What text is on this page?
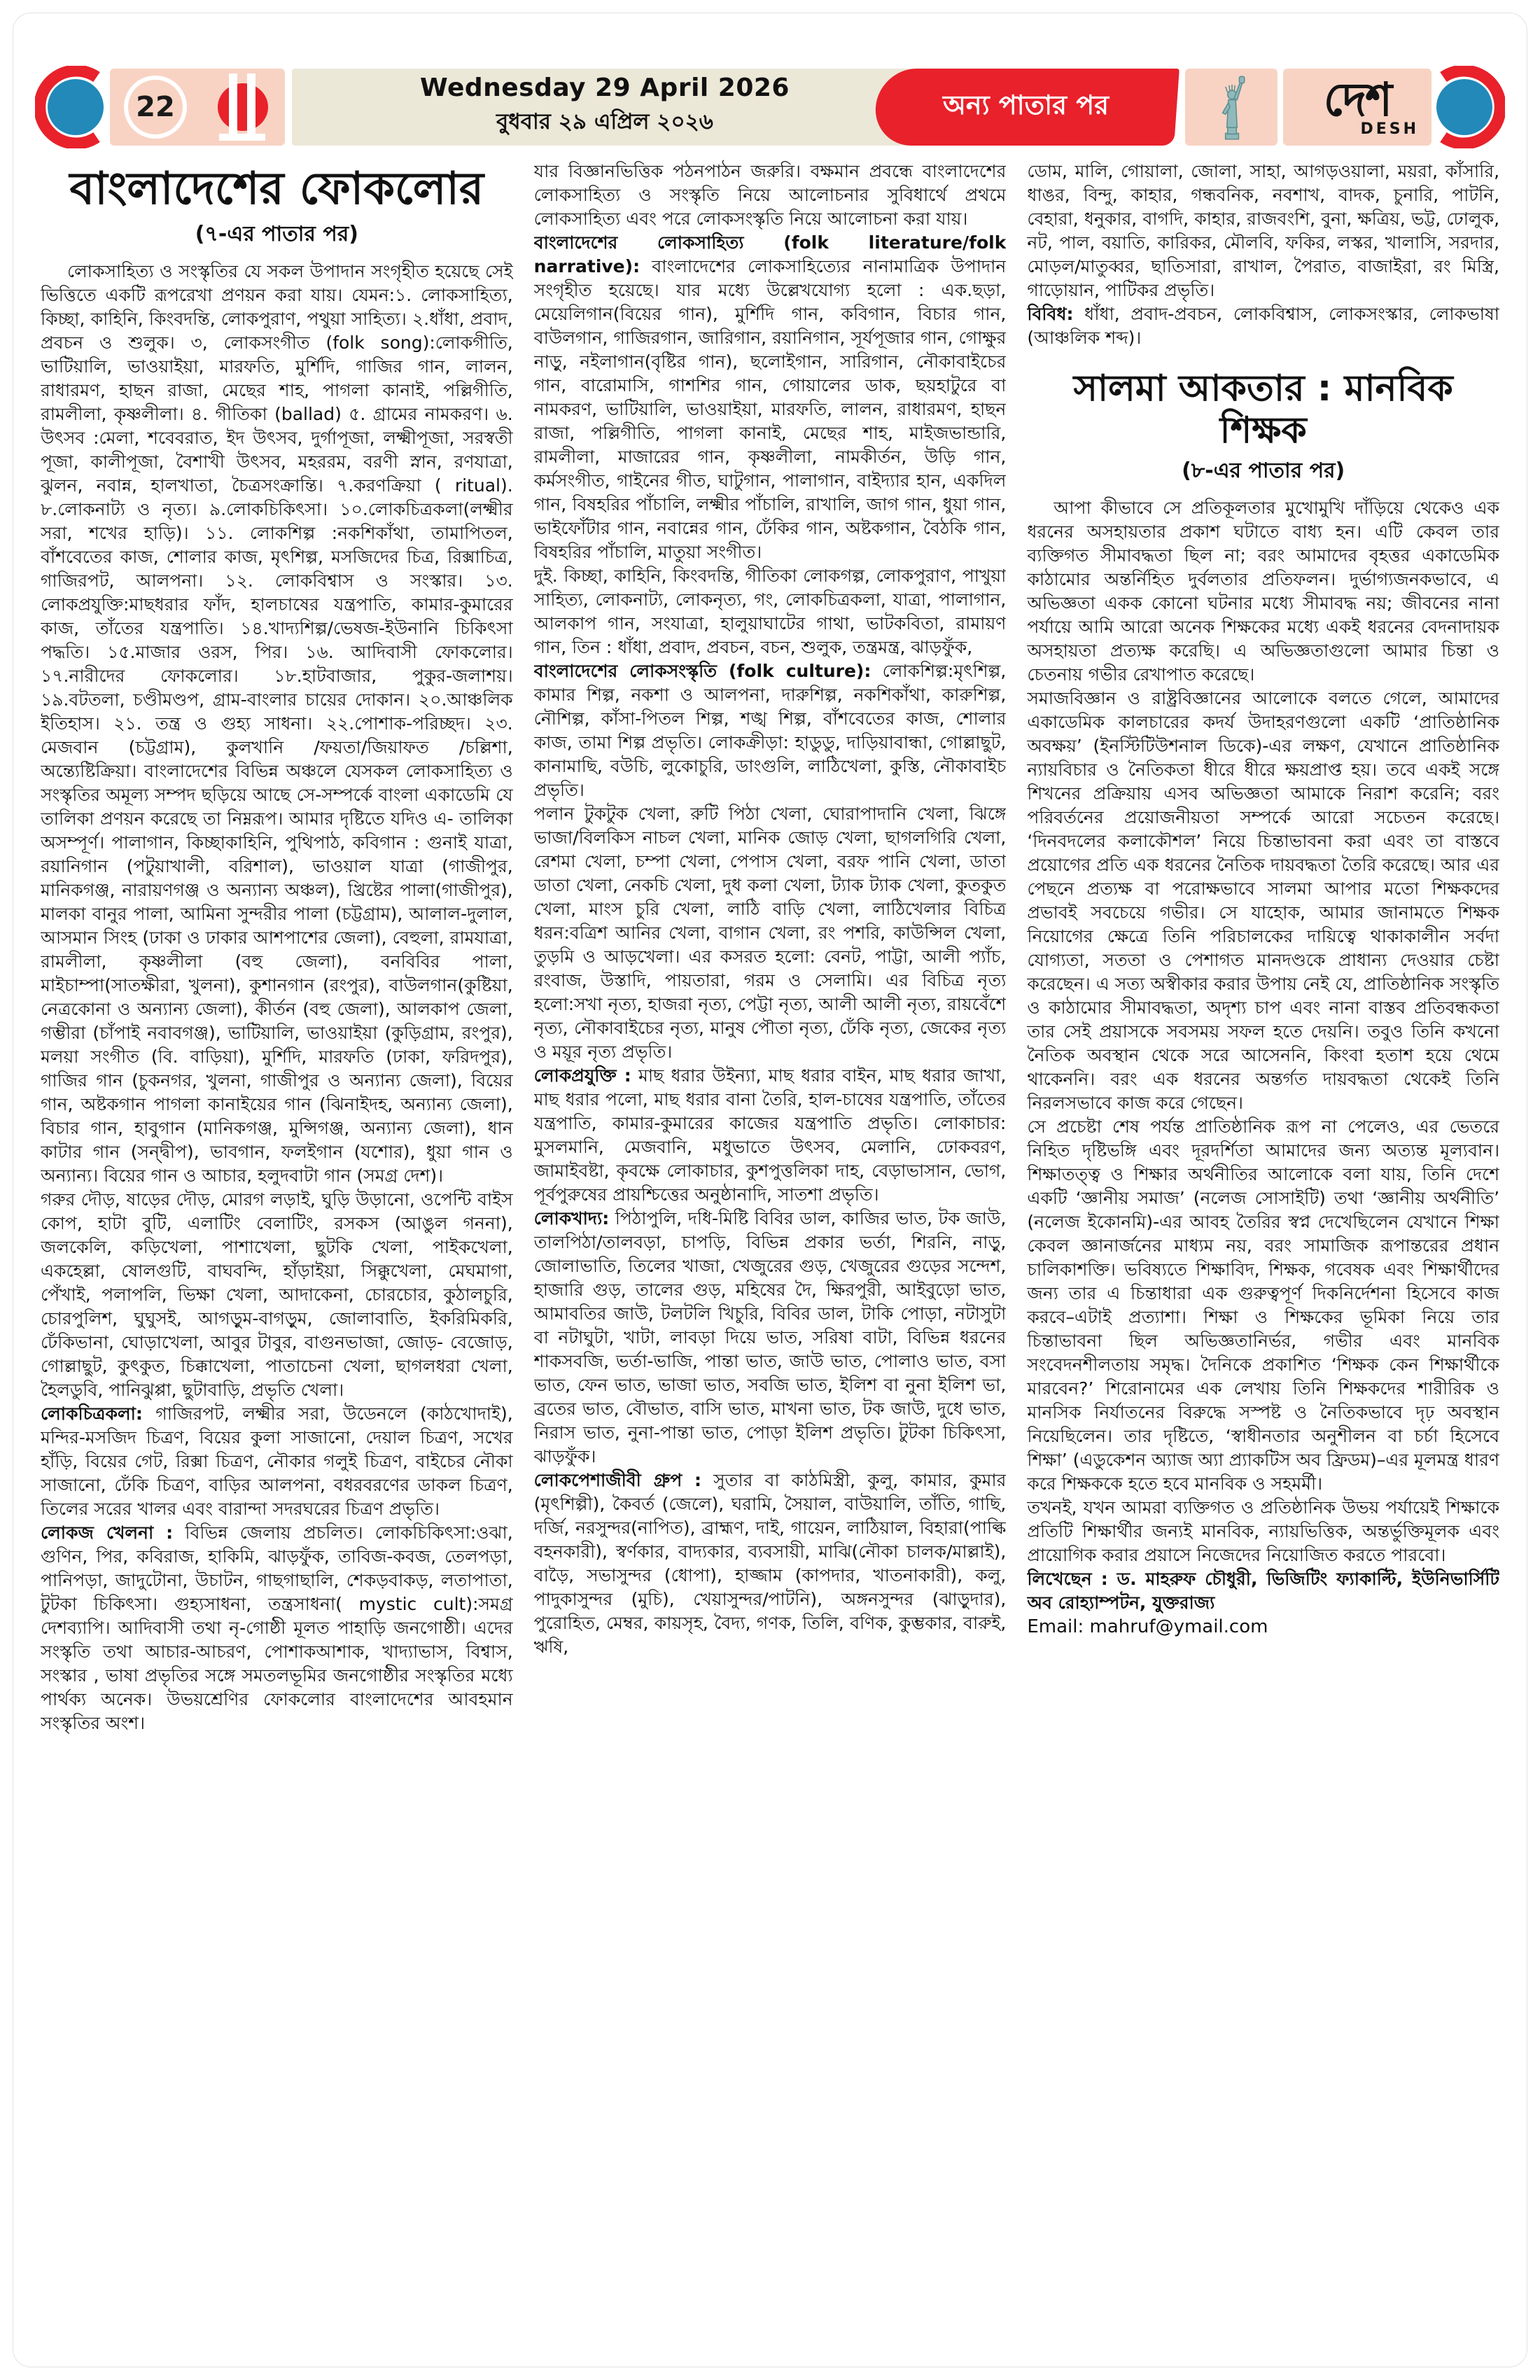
22
Wednesday 29 April 2026
বুধবার ২৯ এপ্রিল ২০২৬
অন্য পাতার পর	দেশ
DESH
বাংলাদেশের ফোকলোর
(৭-এর পাতার পর)

লোকসাহিত্য ও সংস্কৃতির যে সকল উপাদান সংগৃহীত হয়েছে সেই ভিত্তিতে একটি রূপরেখা প্রণয়ন করা যায়। যেমন:১. লোকসাহিত্য, কিচ্ছা, কাহিনি, কিংবদন্তি, লোকপুরাণ, পথুয়া সাহিত্য। ২.ধাঁধা, প্রবাদ, প্রবচন ও শুলুক। ৩, লোকসংগীত (folk song):লোকগীতি, ভাটিয়ালি, ভাওয়াইয়া, মারফতি, মুর্শিদি, গাজির গান, লালন, রাধারমণ, হাছন রাজা, মেছের শাহ, পাগলা কানাই, পল্লিগীতি, রামলীলা, কৃষ্ণলীলা। ৪. গীতিকা (ballad) ৫. গ্রামের নামকরণ। ৬. উৎসব :মেলা, শবেবরাত, ইদ উৎসব, দুর্গাপূজা, লক্ষ্মীপূজা, সরস্বতী পূজা, কালীপূজা, বৈশাখী উৎসব, মহররম, বরণী স্নান, রণযাত্রা, ঝুলন, নবান্ন, হালখাতা, চৈত্রসংক্রান্তি। ৭.করণক্রিয়া ( ritual). ৮.লোকনাট্য ও নৃত্য। ৯.লোকচিকিৎসা। ১০.লোকচিত্রকলা(লক্ষ্মীর সরা, শখের হাড়ি)। ১১. লোকশিল্প :নকশিকাঁথা, তামাপিতল, বাঁশবেতের কাজ, শোলার কাজ, মৃৎশিল্প, মসজিদের চিত্র, রিক্সাচিত্র, গাজিরপট, আলপনা। ১২. লোকবিশ্বাস ও সংস্কার। ১৩. লোকপ্রযুক্তি:মাছধরার ফাঁদ, হালচাষের যন্ত্রপাতি, কামার-কুমারের কাজ, তাঁতের যন্ত্রপাতি। ১৪.খাদ্যশিল্প/ভেষজ-ইউনানি চিকিৎসা পদ্ধতি। ১৫.মাজার ওরস, পির। ১৬. আদিবাসী ফোকলোর। ১৭.নারীদের ফোকলোর। ১৮.হাটবাজার, পুকুর-জলাশয়। ১৯.বটতলা, চণ্ডীমণ্ডপ, গ্রাম-বাংলার চায়ের দোকান। ২০.আঞ্চলিক ইতিহাস। ২১. তন্ত্র ও গুহ্য সাধনা। ২২.পোশাক-পরিচ্ছদ। ২৩. মেজবান (চট্টগ্রাম), কুলখানি /ফয়তা/জিয়াফত /চল্লিশা, অন্ত্যেষ্টিক্রিয়া। বাংলাদেশের বিভিন্ন অঞ্চলে যেসকল লোকসাহিত্য ও সংস্কৃতির অমূল্য সম্পদ ছড়িয়ে আছে সে-সম্পর্কে বাংলা একাডেমি যে তালিকা প্রণয়ন করেছে তা নিম্নরূপ। আমার দৃষ্টিতে যদিও এ- তালিকা অসম্পূর্ণ। পালাগান, কিচ্ছাকাহিনি, পুথিপাঠ, কবিগান : গুনাই যাত্রা, রয়ানিগান (পটুয়াখালী, বরিশাল), ভাওয়াল যাত্রা (গাজীপুর, মানিকগঞ্জ, নারায়ণগঞ্জ ও অন্যান্য অঞ্চল), খ্রিষ্টের পালা(গাজীপুর), মালকা বানুর পালা, আমিনা সুন্দরীর পালা (চট্টগ্রাম), আলাল-দুলাল, আসমান সিংহ (ঢাকা ও ঢাকার আশপাশের জেলা), বেহুলা, রামযাত্রা, রামলীলা, কৃষ্ণলীলা (বহু জেলা), বনবিবির পালা, মাইচাম্পা(সাতক্ষীরা, খুলনা), কুশানগান (রংপুর), বাউলগান(কুষ্টিয়া, নেত্রকোনা ও অন্যান্য জেলা), কীর্তন (বহু জেলা), আলকাপ জেলা, গম্ভীরা (চাঁপাই নবাবগঞ্জ), ভাটিয়ালি, ভাওয়াইয়া (কুড়িগ্রাম, রংপুর), মলয়া সংগীত (বি. বাড়িয়া), মুর্শিদি, মারফতি (ঢাকা, ফরিদপুর), গাজির গান (চুকনগর, খুলনা, গাজীপুর ও অন্যান্য জেলা), বিয়ের গান, অষ্টকগান পাগলা কানাইয়ের গান (ঝিনাইদহ, অন্যান্য জেলা), বিচার গান, হাবুগান (মানিকগঞ্জ, মুন্সিগঞ্জ, অন্যান্য জেলা), ধান কাটার গান (সন্দ্বীপ), ভাবগান, ফলইগান (যশোর), ধুয়া গান ও অন্যান্য। বিয়ের গান ও আচার, হলুদবাটা গান (সমগ্র দেশ)।

গরুর দৌড়, ষাড়ের দৌড়, মোরগ লড়াই, ঘুড়ি উড়ানো, ওপেন্টি বাইস কোপ, হাটা বুটি, এলাটিং বেলাটিং, রসকস (আঙুল গননা), জলকেলি, কড়িখেলা, পাশাখেলা, ছুটকি খেলা, পাইকখেলা, একহেল্লা, ষোলগুটি, বাঘবন্দি, হাঁড়াইয়া, সিক্কুখেলা, মেঘমাগা, পেঁখাই, পলাপলি, ভিক্ষা খেলা, আদাকেনা, চোরচোর, কুঠালচুরি, চোরপুলিশ, ঘুঘুসই, আগড়ুম-বাগড়ুম, জোলাবাতি, ইকরিমিকরি, ঢেঁকিভানা, ঘোড়াখেলা, আবুর টাবুর, বাগুনভাজা, জোড়- বেজোড়, গোল্লাছুট, কুৎকুত, চিক্কাখেলা, পাতাচেনা খেলা, ছাগলধরা খেলা, হৈলডুবি, পানিঝুপ্পা, ছুটাবাড়ি, প্রভৃতি খেলা।

লোকচিত্রকলা: গাজিরপট, লক্ষ্মীর সরা, উডেনলে (কাঠখোদাই), মন্দির-মসজিদ চিত্রণ, বিয়ের কুলা সাজানো, দেয়াল চিত্রণ, সখের হাঁড়ি, বিয়ের গেট, রিক্সা চিত্রণ, নৌকার গলুই চিত্রণ, বাইচের নৌকা সাজানো, ঢেঁকি চিত্রণ, বাড়ির আলপনা, বধরবরণের ডাকল চিত্রণ, তিলের সরের খালর এবং বারান্দা সদরঘরের চিত্রণ প্রভৃতি।

লোকজ খেলনা : বিভিন্ন জেলায় প্রচলিত। লোকচিকিৎসা:ওঝা, গুণিন, পির, কবিরাজ, হাকিমি, ঝাড়ফুঁক, তাবিজ-কবজ, তেলপড়া, পানিপড়া, জাদুটোনা, উচাটন, গাছগাছালি, শেকড়বাকড়, লতাপাতা, টুটকা চিকিৎসা। গুহ্যসাধনা, তন্ত্রসাধনা( mystic cult):সমগ্র দেশব্যাপি। আদিবাসী তথা নৃ-গোষ্ঠী মূলত পাহাড়ি জনগোষ্ঠী। এদের সংস্কৃতি তথা আচার-আচরণ, পোশাকআশাক, খাদ্যাভাস, বিশ্বাস, সংস্কার , ভাষা প্রভৃতির সঙ্গে সমতলভূমির জনগোষ্ঠীর সংস্কৃতির মধ্যে পার্থক্য অনেক। উভয়শ্রেণির ফোকলোর বাংলাদেশের আবহমান সংস্কৃতির অংশ।

যার বিজ্ঞানভিত্তিক পঠনপাঠন জরুরি। বক্ষমান প্রবন্ধে বাংলাদেশের লোকসাহিত্য ও সংস্কৃতি নিয়ে আলোচনার সুবিধার্থে প্রথমে লোকসাহিত্য এবং পরে লোকসংস্কৃতি নিয়ে আলোচনা করা যায়।

বাংলাদেশের লোকসাহিত্য (folk literature/folk narrative): বাংলাদেশের লোকসাহিত্যের নানামাত্রিক উপাদান সংগৃহীত হয়েছে। যার মধ্যে উল্লেখযোগ্য হলো : এক.ছড়া, মেয়েলিগান(বিয়ের গান), মুর্শিদি গান, কবিগান, বিচার গান, বাউলগান, গাজিরগান, জারিগান, রয়ানিগান, সূর্যপূজার গান, গোক্ষুর নাড়ু, নইলাগান(বৃষ্টির গান), ছলোইগান, সারিগান, নৌকাবাইচের গান, বারোমাসি, গাশশির গান, গোয়ালের ডাক, ছয়হাটুরে বা নামকরণ, ভাটিয়ালি, ভাওয়াইয়া, মারফতি, লালন, রাধারমণ, হাছন রাজা, পল্লিগীতি, পাগলা কানাই, মেছের শাহ, মাইজভান্ডারি, রামলীলা, মাজারের গান, কৃষ্ণলীলা, নামকীর্তন, উড়ি গান, কর্মসংগীত, গাইনের গীত, ঘাটুগান, পালাগান, বাইদ্যার হান, একদিল গান, বিষহরির পাঁচালি, লক্ষ্মীর পাঁচালি, রাখালি, জাগ গান, ধুয়া গান, ভাইফোঁটার গান, নবান্নের গান, ঢেঁকির গান, অষ্টকগান, বৈঠকি গান, বিষহরির পাঁচালি, মাতুয়া সংগীত।

দুই. কিচ্ছা, কাহিনি, কিংবদন্তি, গীতিকা লোকগল্প, লোকপুরাণ, পাখুয়া সাহিত্য, লোকনাট্য, লোকনৃত্য, গং, লোকচিত্রকলা, যাত্রা, পালাগান, আলকাপ গান, সংযাত্রা, হালুয়াঘাটের গাথা, ভাটকবিতা, রামায়ণ গান, তিন : ধাঁধা, প্রবাদ, প্রবচন, বচন, শুলুক, তন্ত্রমন্ত্র, ঝাড়ফুঁক,

বাংলাদেশের লোকসংস্কৃতি (folk culture): লোকশিল্প:মৃৎশিল্প, কামার শিল্প, নকশা ও আলপনা, দারুশিল্প, নকশিকাঁথা, কারুশিল্প, নৌশিল্প, কাঁসা-পিতল শিল্প, শঙ্খ শিল্প, বাঁশবেতের কাজ, শোলার কাজ, তামা শিল্প প্রভৃতি। লোকক্রীড়া: হাডুডু, দাড়িয়াবান্ধা, গোল্লাছুট, কানামাছি, বউচি, লুকোচুরি, ডাংগুলি, লাঠিখেলা, কুস্তি, নৌকাবাইচ প্রভৃতি।

পলান টুকটুক খেলা, রুটি পিঠা খেলা, ঘোরাপাদানি খেলা, ঝিঙ্গে ভাজা/বিলকিস নাচল খেলা, মানিক জোড় খেলা, ছাগলগিরি খেলা, রেশমা খেলা, চম্পা খেলা, পেপাস খেলা, বরফ পানি খেলা, ডাতা ডাতা খেলা, নেকচি খেলা, দুধ কলা খেলা, ট্যাক ট্যাক খেলা, কুতকুত খেলা, মাংস চুরি খেলা, লাঠি বাড়ি খেলা, লাঠিখেলার বিচিত্র ধরন:বত্রিশ আনির খেলা, বাগান খেলা, রং পশরি, কাউন্সিল খেলা, তুড়মি ও আড়খেলা। এর কসরত হলো: বেনট, পাট্টা, আলী প্যাঁচ, রংবাজ, উস্তাদি, পায়তারা, গরম ও সেলামি। এর বিচিত্র নৃত্য হলো:সখা নৃত্য, হাজরা নৃত্য, পেট্টা নৃত্য, আলী আলী নৃত্য, রায়বেঁশে নৃত্য, নৌকাবাইচের নৃত্য, মানুষ পৌতা নৃত্য, ঢেঁকি নৃত্য, জেকের নৃত্য ও ময়ূর নৃত্য প্রভৃতি।

লোকপ্রযুক্তি : মাছ ধরার উইন্যা, মাছ ধরার বাইন, মাছ ধরার জাখা, মাছ ধরার পলো, মাছ ধরার বানা তৈরি, হাল-চাষের যন্ত্রপাতি, তাঁতের যন্ত্রপাতি, কামার-কুমারের কাজের যন্ত্রপাতি প্রভৃতি। লোকাচার: মুসলমানি, মেজবানি, মধুভাতে উৎসব, মেলানি, ঢোকবরণ, জামাইবষ্টা, কৃবক্ষে লোকাচার, কুশপুত্তলিকা দাহ, বেড়াভাসান, ভোগ, পূর্বপুরুষের প্রায়শ্চিত্তের অনুষ্ঠানাদি, সাতশা প্রভৃতি।

লোকখাদ্য: পিঠাপুলি, দধি-মিষ্টি বিবির ডাল, কাজির ভাত, টক জাউ, তালপিঠা/তালবড়া, চাপড়ি, বিভিন্ন প্রকার ভর্তা, শিরনি, নাড়ু, জোলাভাতি, তিলের খাজা, খেজুরের গুড়, খেজুরের গুড়ের সন্দেশ, হাজারি গুড়, তালের গুড়, মহিষের দৈ, ক্ষিরপুরী, আইবুড়ো ভাত, আমাবতির জাউ, টলটলি খিচুরি, বিবির ডাল, টাকি পোড়া, নটাসুটা বা নটাঘুটা, খাটা, লাবড়া দিয়ে ভাত, সরিষা বাটা, বিভিন্ন ধরনের শাকসবজি, ভর্তা-ভাজি, পান্তা ভাত, জাউ ভাত, পোলাও ভাত, বসা ভাত, ফেন ভাত, ভাজা ভাত, সবজি ভাত, ইলিশ বা নুনা ইলিশ ভা, ব্রতের ভাত, বৌভাত, বাসি ভাত, মাখনা ভাত, টক জাউ, দুধে ভাত, নিরাস ভাত, নুনা-পান্তা ভাত, পোড়া ইলিশ প্রভৃতি। টুটকা চিকিৎসা, ঝাড়ফুঁক।

লোকপেশাজীবী গ্রুপ : সুতার বা কাঠমিস্ত্রী, কুলু, কামার, কুমার (মৃৎশিল্পী), কৈবর্ত (জেলে), ঘরামি, সৈয়াল, বাউয়ালি, তাঁতি, গাছি, দর্জি, নরসুন্দর(নাপিত), ব্রাহ্মণ, দাই, গায়েন, লাঠিয়াল, বিহারা(পাল্কি বহনকারী), স্বর্ণকার, বাদ্যকার, ব্যবসায়ী, মাঝি(নৌকা চালক/মাল্লাই), বাড়ৈ, সভাসুন্দর (ধোপা), হাজ্জাম (কাপদার, খাতনাকারী), কলু, পাদুকাসুন্দর (মুচি), খেয়াসুন্দর/পাটনি), অঙ্গনসুন্দর (ঝাড়ুদার), পুরোহিত, মেম্বর, কায়সৃহ, বৈদ্য, গণক, তিলি, বণিক, কুম্ভকার, বারুই, ঋষি,

ডোম, মালি, গোয়ালা, জোলা, সাহা, আগড়ওয়ালা, ময়রা, কাঁসারি, ধাঙর, বিন্দু, কাহার, গন্ধবনিক, নবশাখ, বাদক, চুনারি, পাটনি, বেহারা, ধনুকার, বাগদি, কাহার, রাজবংশি, বুনা, ক্ষত্রিয়, ভট্ট, ঢোলুক, নট, পাল, বয়াতি, কারিকর, মৌলবি, ফকির, লস্কর, খালাসি, সরদার, মোড়ল/মাতুব্বর, ছাতিসারা, রাখাল, পৈরাত, বাজাইরা, রং মিস্ত্রি, গাড়োয়ান, পাটিকর প্রভৃতি।

বিবিধ: ধাঁধা, প্রবাদ-প্রবচন, লোকবিশ্বাস, লোকসংস্কার, লোকভাষা (আঞ্চলিক শব্দ)।

সালমা আকতার : মানবিক শিক্ষক
(৮-এর পাতার পর)

আপা কীভাবে সে প্রতিকূলতার মুখোমুখি দাঁড়িয়ে থেকেও এক ধরনের অসহায়তার প্রকাশ ঘটাতে বাধ্য হন। এটি কেবল তার ব্যক্তিগত সীমাবদ্ধতা ছিল না; বরং আমাদের বৃহত্তর একাডেমিক কাঠামোর অন্তর্নিহিত দুর্বলতার প্রতিফলন। দুর্ভাগ্যজনকভাবে, এ অভিজ্ঞতা একক কোনো ঘটনার মধ্যে সীমাবদ্ধ নয়; জীবনের নানা পর্যায়ে আমি আরো অনেক শিক্ষকের মধ্যে একই ধরনের বেদনাদায়ক অসহায়তা প্রত্যক্ষ করেছি। এ অভিজ্ঞতাগুলো আমার চিন্তা ও চেতনায় গভীর রেখাপাত করেছে।

সমাজবিজ্ঞান ও রাষ্ট্রবিজ্ঞানের আলোকে বলতে গেলে, আমাদের একাডেমিক কালচারের কদর্য উদাহরণগুলো একটি ‘প্রাতিষ্ঠানিক অবক্ষয়’ (ইনস্টিটিউশনাল ডিকে)-এর লক্ষণ, যেখানে প্রাতিষ্ঠানিক ন্যায়বিচার ও নৈতিকতা ধীরে ধীরে ক্ষয়প্রাপ্ত হয়। তবে একই সঙ্গে শিখনের প্রক্রিয়ায় এসব অভিজ্ঞতা আমাকে নিরাশ করেনি; বরং পরিবর্তনের প্রয়োজনীয়তা সম্পর্কে আরো সচেতন করেছে। ‘দিনবদলের কলাকৌশল’ নিয়ে চিন্তাভাবনা করা এবং তা বাস্তবে প্রয়োগের প্রতি এক ধরনের নৈতিক দায়বদ্ধতা তৈরি করেছে। আর এর পেছনে প্রত্যক্ষ বা পরোক্ষভাবে সালমা আপার মতো শিক্ষকদের প্রভাবই সবচেয়ে গভীর। সে যাহোক, আমার জানামতে শিক্ষক নিয়োগের ক্ষেত্রে তিনি পরিচালকের দায়িত্বে থাকাকালীন সর্বদা যোগ্যতা, সততা ও পেশাগত মানদণ্ডকে প্রাধান্য দেওয়ার চেষ্টা করেছেন। এ সত্য অস্বীকার করার উপায় নেই যে, প্রাতিষ্ঠানিক সংস্কৃতি ও কাঠামোর সীমাবদ্ধতা, অদৃশ্য চাপ এবং নানা বাস্তব প্রতিবন্ধকতা তার সেই প্রয়াসকে সবসময় সফল হতে দেয়নি। তবুও তিনি কখনো নৈতিক অবস্থান থেকে সরে আসেননি, কিংবা হতাশ হয়ে থেমে থাকেননি। বরং এক ধরনের অন্তর্গত দায়বদ্ধতা থেকেই তিনি নিরলসভাবে কাজ করে গেছেন।

সে প্রচেষ্টা শেষ পর্যন্ত প্রাতিষ্ঠানিক রূপ না পেলেও, এর ভেতরে নিহিত দৃষ্টিভঙ্গি এবং দূরদর্শিতা আমাদের জন্য অত্যন্ত মূল্যবান। শিক্ষাতত্ত্ব ও শিক্ষার অর্থনীতির আলোকে বলা যায়, তিনি দেশে একটি ‘জ্ঞানীয় সমাজ’ (নলেজ সোসাইটি) তথা ‘জ্ঞানীয় অর্থনীতি’ (নলেজ ইকোনমি)-এর আবহ তৈরির স্বপ্ন দেখেছিলেন যেখানে শিক্ষা কেবল জ্ঞানার্জনের মাধ্যম নয়, বরং সামাজিক রূপান্তরের প্রধান চালিকাশক্তি। ভবিষ্যতে শিক্ষাবিদ, শিক্ষক, গবেষক এবং শিক্ষার্থীদের জন্য তার এ চিন্তাধারা এক গুরুত্বপূর্ণ দিকনির্দেশনা হিসেবে কাজ করবে–এটাই প্রত্যাশা। শিক্ষা ও শিক্ষকের ভূমিকা নিয়ে তার চিন্তাভাবনা ছিল অভিজ্ঞতানির্ভর, গভীর এবং মানবিক সংবেদনশীলতায় সমৃদ্ধ। দৈনিকে প্রকাশিত ‘শিক্ষক কেন শিক্ষার্থীকে মারবেন?’ শিরোনামের এক লেখায় তিনি শিক্ষকদের শারীরিক ও মানসিক নির্যাতনের বিরুদ্ধে সস্পষ্ট ও নৈতিকভাবে দৃঢ় অবস্থান নিয়েছিলেন। তার দৃষ্টিতে, ‘স্বাধীনতার অনুশীলন বা চর্চা হিসেবে শিক্ষা’ (এডুকেশন অ্যাজ অ্যা প্র্যাকটিস অব ফ্রিডম)–এর মূলমন্ত্র ধারণ করে শিক্ষককে হতে হবে মানবিক ও সহমর্মী।

তখনই, যখন আমরা ব্যক্তিগত ও প্রতিষ্ঠানিক উভয় পর্যায়েই শিক্ষাকে প্রতিটি শিক্ষার্থীর জন্যই মানবিক, ন্যায়ভিত্তিক, অন্তর্ভুক্তিমূলক এবং প্রায়োগিক করার প্রয়াসে নিজেদের নিয়োজিত করতে পারবো।

লিখেছেন : ড. মাহরুফ চৌধুরী, ভিজিটিং ফ্যাকাল্টি, ইউনিভার্সিটি অব রোহ্যাম্পটন, যুক্তরাজ্য

Email: mahruf@ymail.com
